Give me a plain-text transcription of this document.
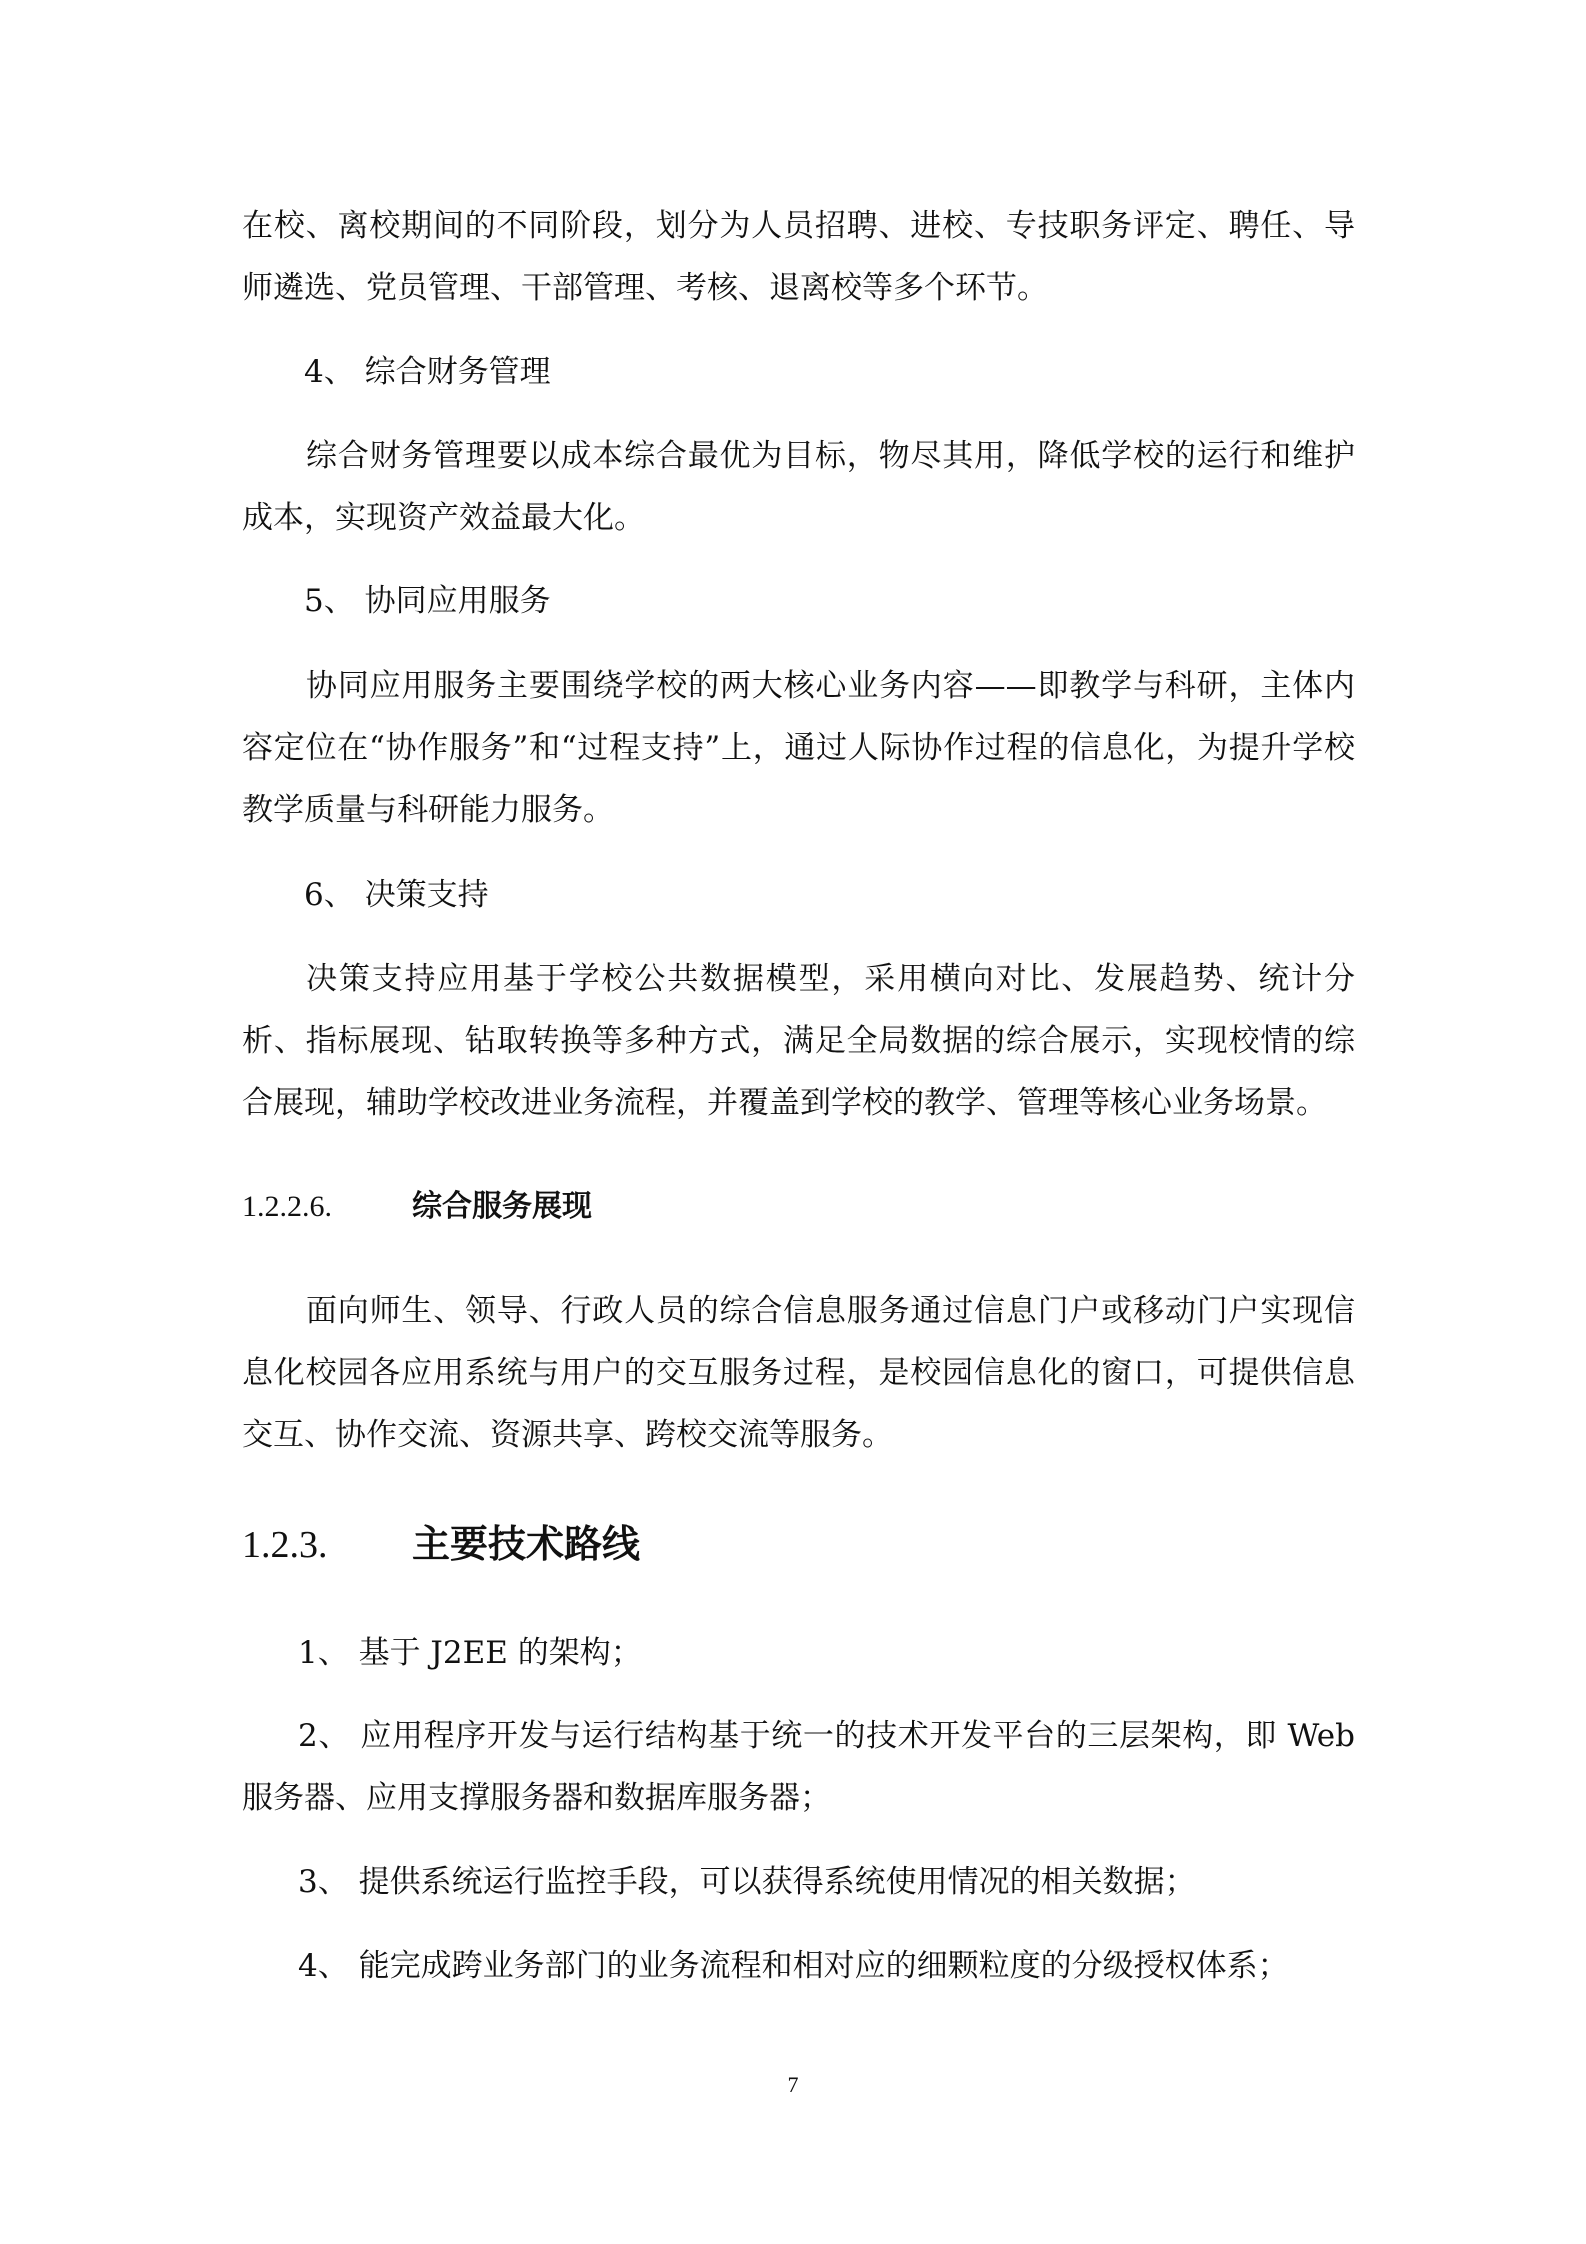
在校、离校期间的不同阶段，划分为人员招聘、进校、专技职务评定、聘任、导师遴选、党员管理、干部管理、考核、退离校等多个环节。
4、 综合财务管理
综合财务管理要以成本综合最优为目标，物尽其用，降低学校的运行和维护成本，实现资产效益最大化。
5、 协同应用服务
协同应用服务主要围绕学校的两大核心业务内容——即教学与科研，主体内容定位在“协作服务”和“过程支持”上，通过人际协作过程的信息化，为提升学校教学质量与科研能力服务。
6、 决策支持
决策支持应用基于学校公共数据模型，采用横向对比、发展趋势、统计分析、指标展现、钻取转换等多种方式，满足全局数据的综合展示，实现校情的综合展现，辅助学校改进业务流程，并覆盖到学校的教学、管理等核心业务场景。
1.2.2.6.	综合服务展现
面向师生、领导、行政人员的综合信息服务通过信息门户或移动门户实现信息化校园各应用系统与用户的交互服务过程，是校园信息化的窗口，可提供信息交互、协作交流、资源共享、跨校交流等服务。
1.2.3. 主要技术路线
1、 基于 J2EE 的架构；
2、 应用程序开发与运行结构基于统一的技术开发平台的三层架构，即 Web 服务器、应用支撑服务器和数据库服务器；
3、 提供系统运行监控手段，可以获得系统使用情况的相关数据；
4、 能完成跨业务部门的业务流程和相对应的细颗粒度的分级授权体系；
7
